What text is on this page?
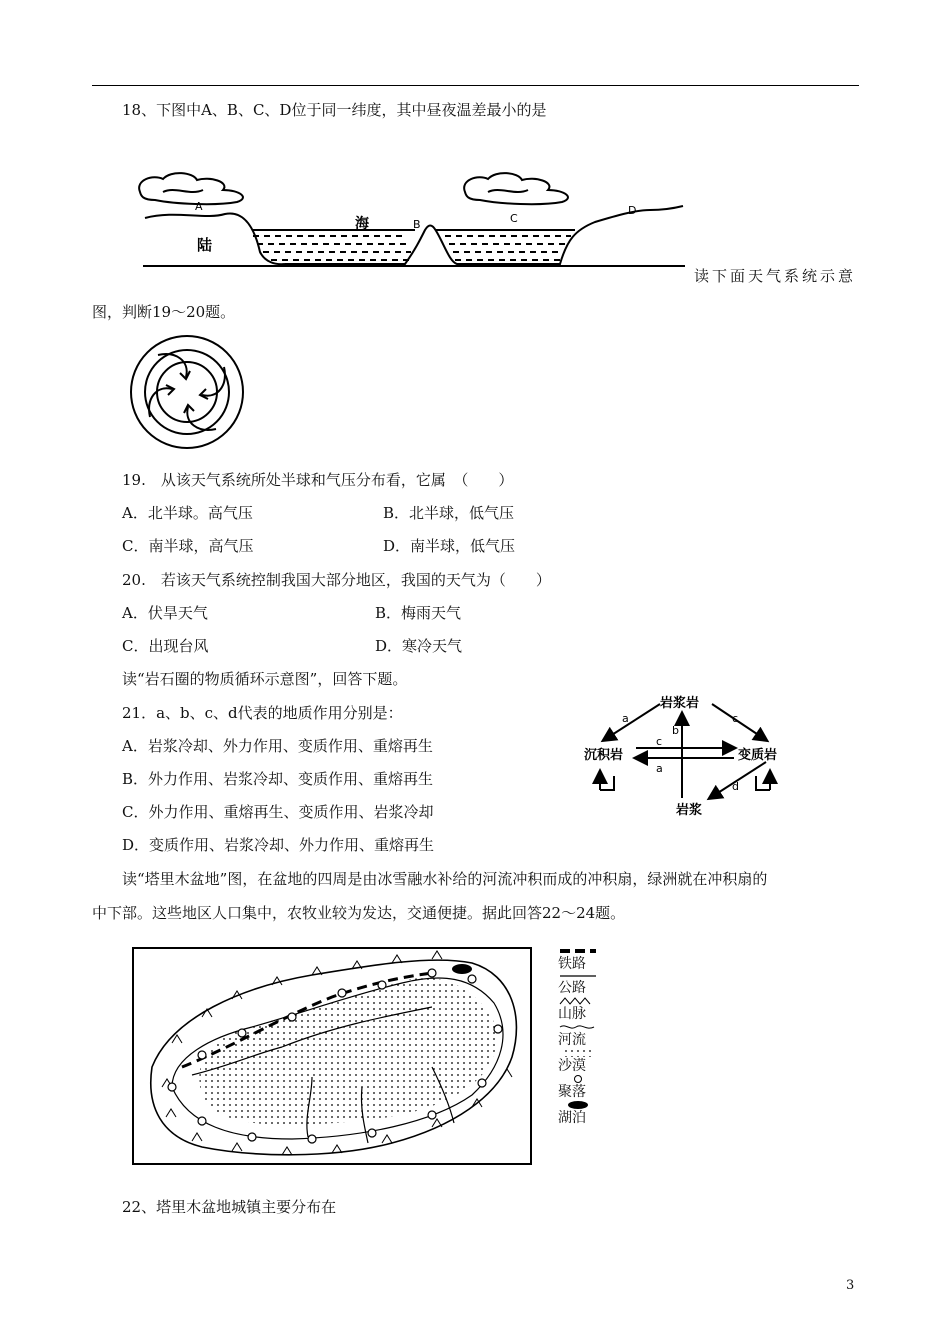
18、下图中A、B、C、D位于同一纬度，其中昼夜温差最小的是
A
B	C
D
海
陆
读下面天气系统示意
图，判断19～20题。
19.　从该天气系统所处半球和气压分布看，它属　（　　）
A．北半球。高气压	B．北半球，低气压
C．南半球，高气压	D．南半球，低气压
20.　若该天气系统控制我国大部分地区，我国的天气为（　　）
A．伏旱天气	B．梅雨天气
C．出现台风	D．寒冷天气
读“岩石圈的物质循环示意图”，回答下题。
21．a、b、c、d代表的地质作用分别是：
A．岩浆冷却、外力作用、变质作用、重熔再生
B．外力作用、岩浆冷却、变质作用、重熔再生
C．外力作用、重熔再生、变质作用、岩浆冷却
D．变质作用、岩浆冷却、外力作用、重熔再生
岩浆岩
沉积岩	变质岩
岩浆
a	c
b
c
a
d
读“塔里木盆地”图，在盆地的四周是由冰雪融水补给的河流冲积而成的冲积扇，绿洲就在冲积扇的
中下部。这些地区人口集中，农牧业较为发达，交通便捷。据此回答22～24题。
铁路
公路
山脉
河流
沙漠
聚落
湖泊
22、塔里木盆地城镇主要分布在
3
